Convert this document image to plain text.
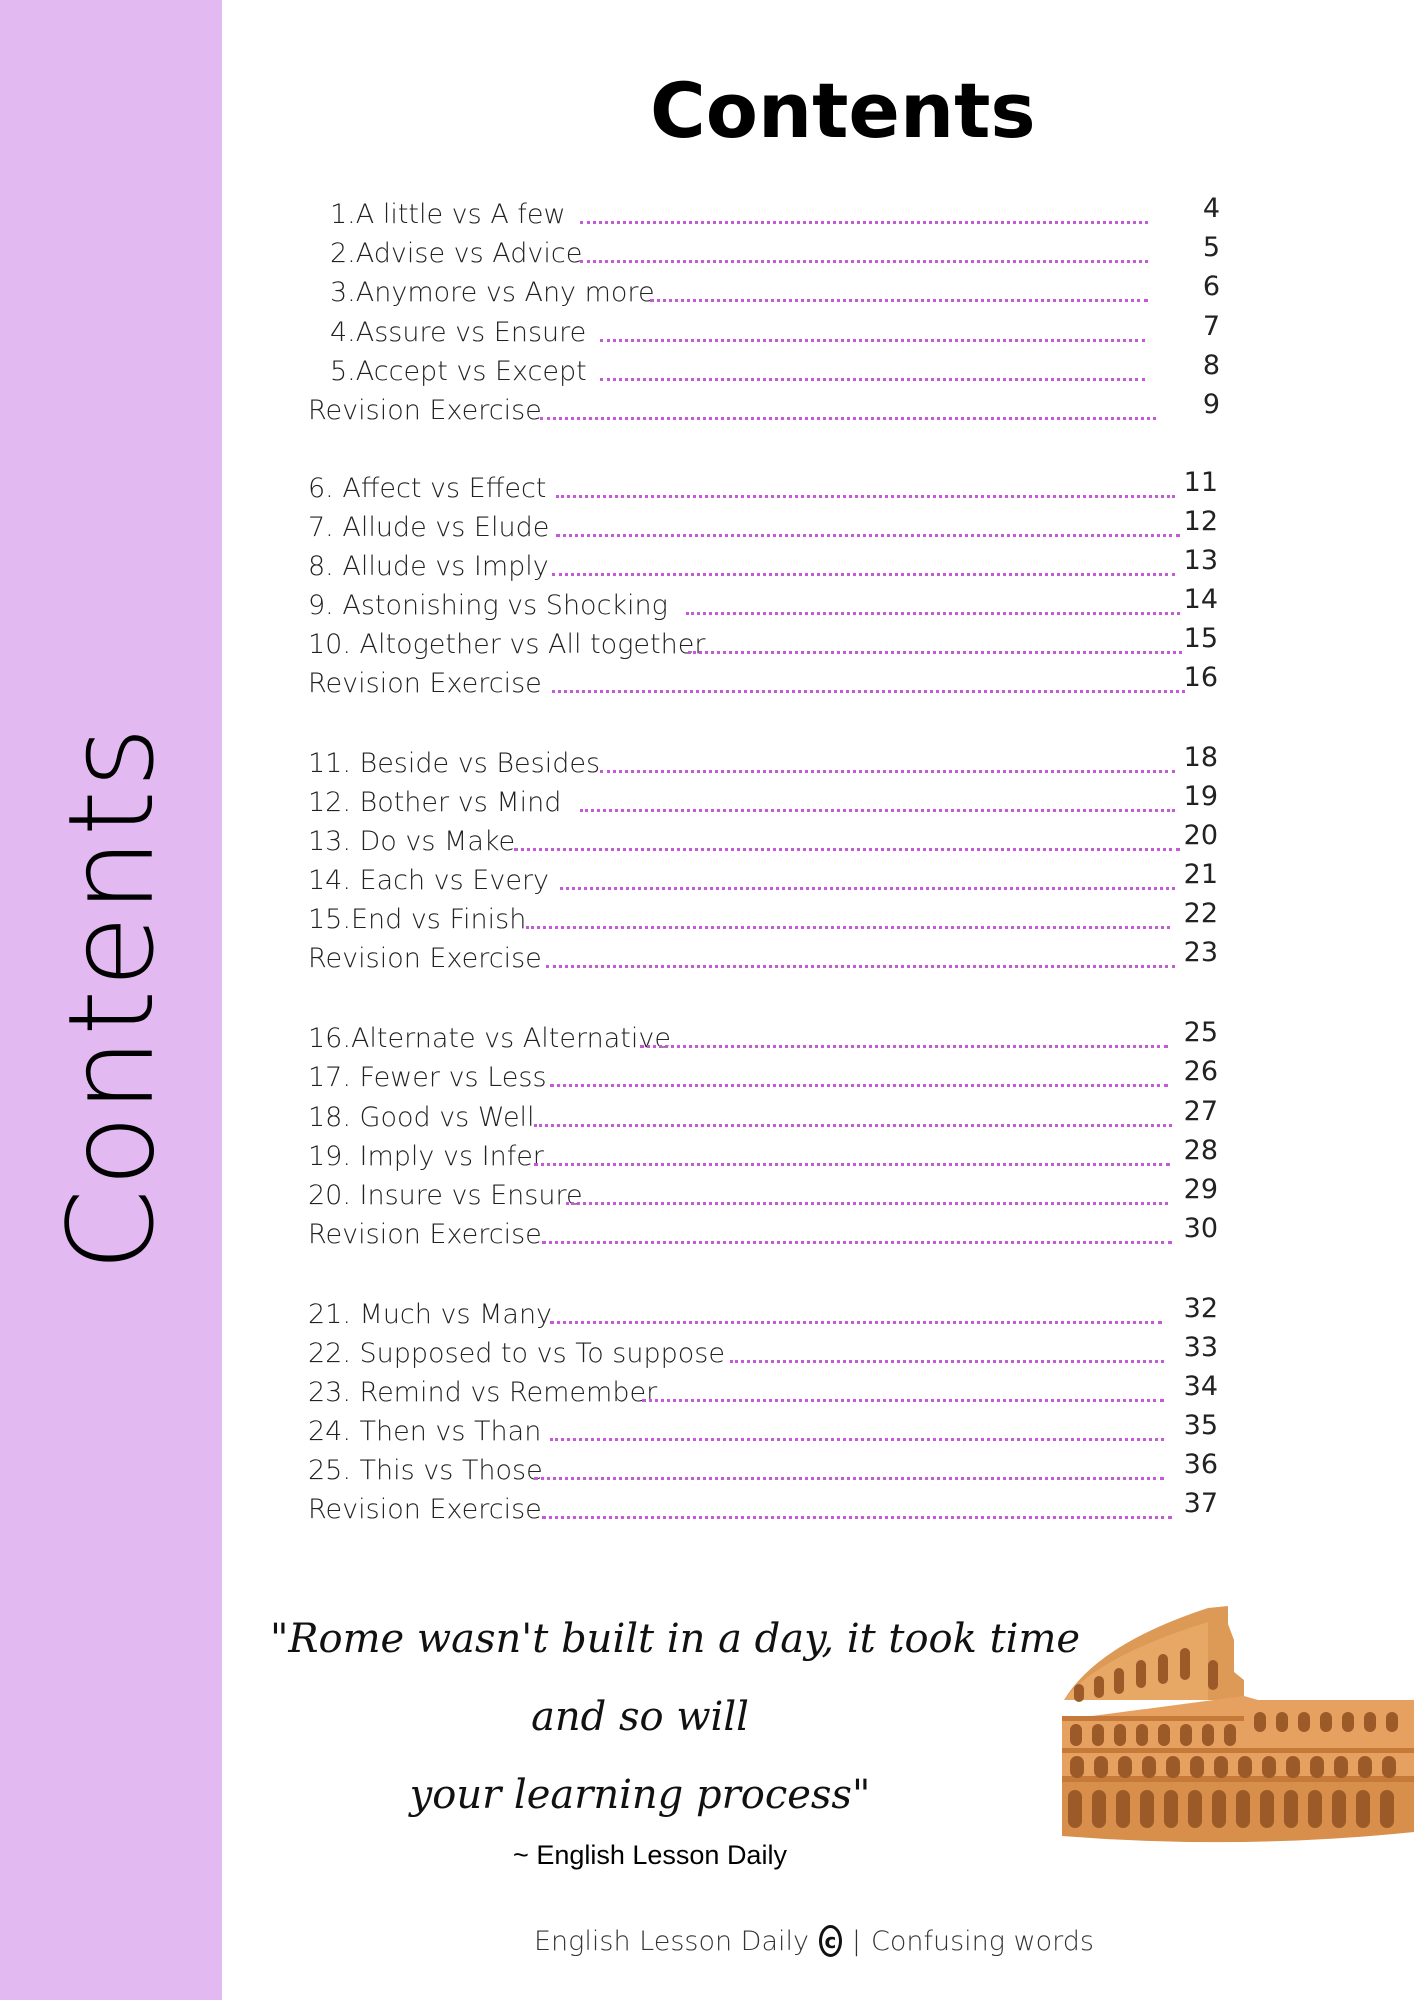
Contents
Contents
1.A little vs A few	4
2.Advise vs Advice	5
3.Anymore vs Any more	6
4.Assure vs Ensure	7
5.Accept vs Except	8
Revision Exercise	9
6. Affect vs Effect	11
7. Allude vs Elude	12
8. Allude vs Imply	13
9. Astonishing vs Shocking	14
10. Altogether vs All together	15
Revision Exercise	16
11. Beside vs Besides	18
12. Bother vs Mind	19
13. Do vs Make	20
14. Each vs Every	21
15.End vs Finish	22
Revision Exercise	23
16.Alternate vs Alternative	25
17. Fewer vs Less	26
18. Good vs Well	27
19. Imply vs Infer	28
20. Insure vs Ensure	29
Revision Exercise	30
21. Much vs Many	32
22. Supposed to vs To suppose	33
23. Remind vs Remember	34
24. Then vs Than	35
25. This vs Those	36
Revision Exercise	37
"Rome wasn't built in a day, it took time
and so will
your learning process"
~ English Lesson Daily
English Lesson Daily c | Confusing words
